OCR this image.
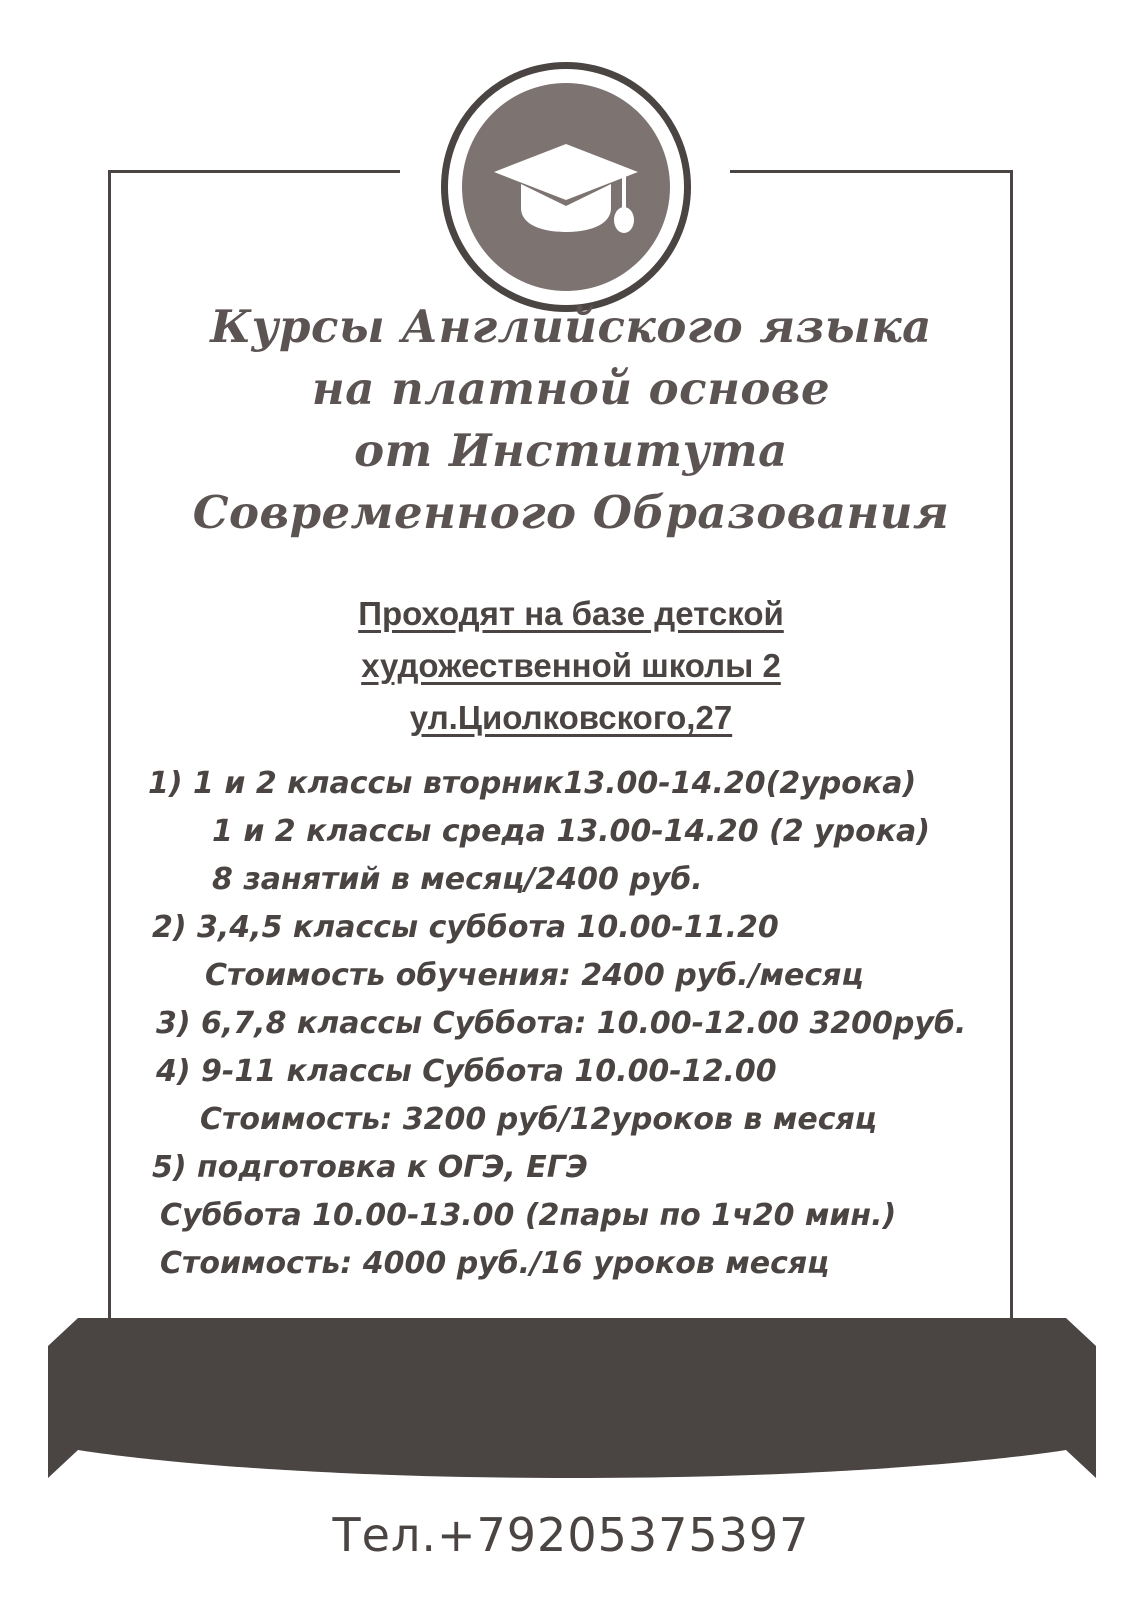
Курсы Английского языка
на платной основе
от Института
Современного Образования
Проходят на базе детской
художественной школы 2
ул.Циолковского,27
1) 1 и 2 классы вторник13.00-14.20(2урока)
1 и 2 классы среда 13.00-14.20 (2 урока)
8 занятий в месяц/2400 руб.
2) 3,4,5 классы суббота 10.00-11.20
Стоимость обучения: 2400 руб./месяц
3) 6,7,8 классы Суббота: 10.00-12.00 3200руб.
4) 9-11 классы Суббота 10.00-12.00
Стоимость: 3200 руб/12уроков в месяц
5) подготовка к ОГЭ, ЕГЭ
Суббота 10.00-13.00 (2пары по 1ч20 мин.)
Стоимость: 4000 руб./16 уроков месяц
Тел.+79205375397
